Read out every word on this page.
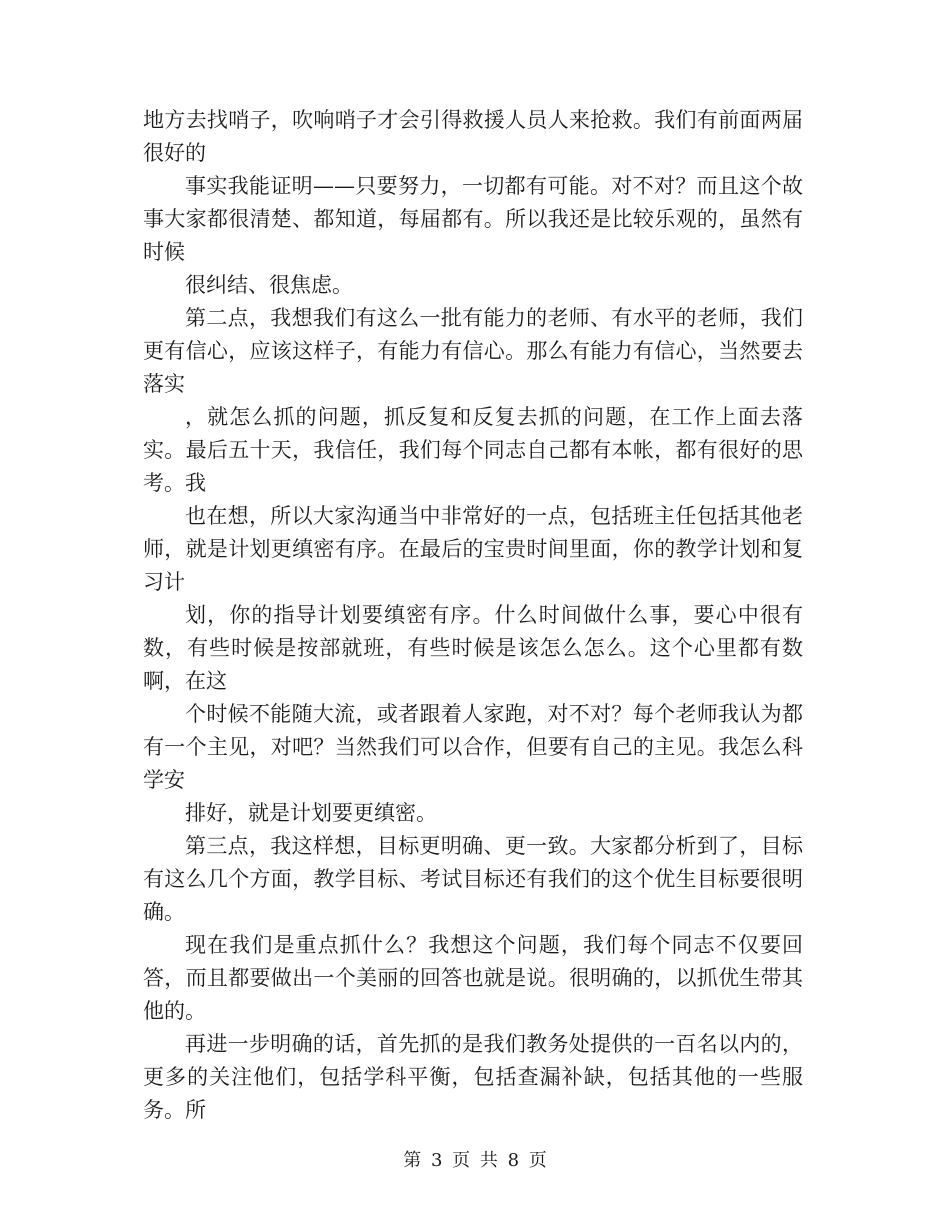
地方去找哨子，吹响哨子才会引得救援人员人来抢救。我们有前面两届很好的

事实我能证明——只要努力，一切都有可能。对不对？而且这个故事大家都很清楚、都知道，每届都有。所以我还是比较乐观的，虽然有时候

很纠结、很焦虑。

第二点，我想我们有这么一批有能力的老师、有水平的老师，我们更有信心，应该这样子，有能力有信心。那么有能力有信心，当然要去落实

，就怎么抓的问题，抓反复和反复去抓的问题，在工作上面去落实。最后五十天，我信任，我们每个同志自己都有本帐，都有很好的思考。我

也在想，所以大家沟通当中非常好的一点，包括班主任包括其他老师，就是计划更缜密有序。在最后的宝贵时间里面，你的教学计划和复习计

划，你的指导计划要缜密有序。什么时间做什么事，要心中很有数，有些时候是按部就班，有些时候是该怎么怎么。这个心里都有数啊，在这

个时候不能随大流，或者跟着人家跑，对不对？每个老师我认为都有一个主见，对吧？当然我们可以合作，但要有自己的主见。我怎么科学安

排好，就是计划要更缜密。

第三点，我这样想，目标更明确、更一致。大家都分析到了，目标有这么几个方面，教学目标、考试目标还有我们的这个优生目标要很明确。

现在我们是重点抓什么？我想这个问题，我们每个同志不仅要回答，而且都要做出一个美丽的回答也就是说。很明确的，以抓优生带其他的。

再进一步明确的话，首先抓的是我们教务处提供的一百名以内的，更多的关注他们，包括学科平衡，包括查漏补缺，包括其他的一些服务。所

第 3 页 共 8 页
